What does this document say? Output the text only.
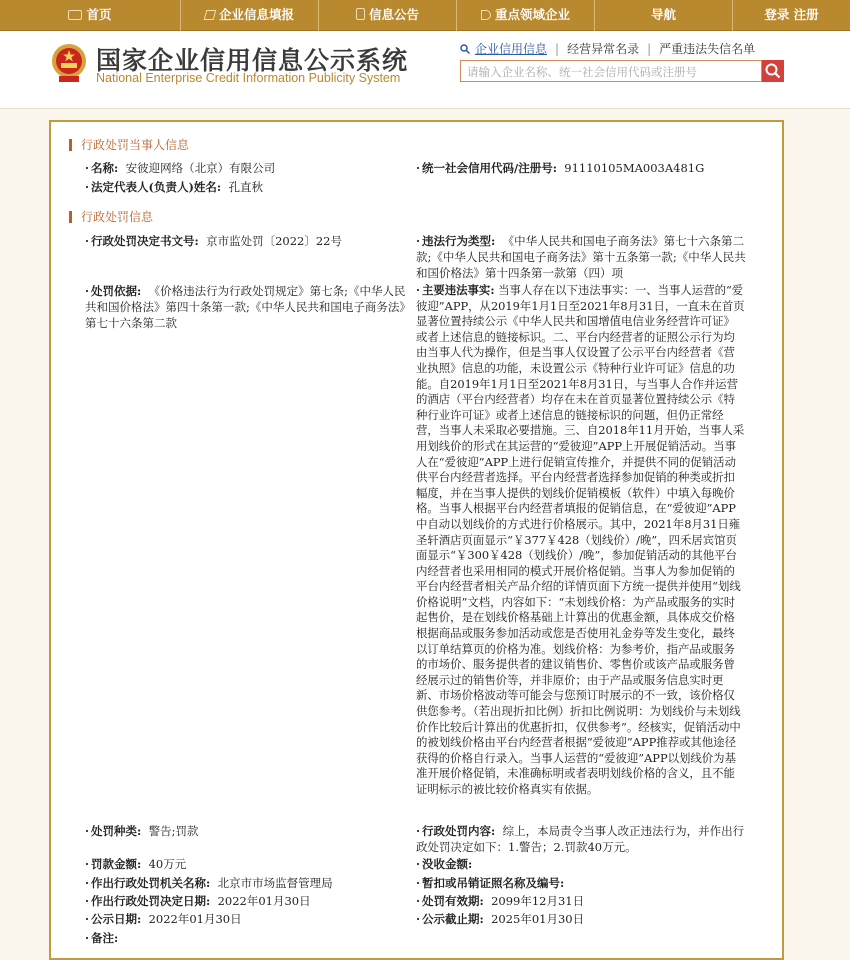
首页	企业信息填报	信息公告	重点领域企业	导航	登录 注册
国家企业信用信息公示系统
National Enterprise Credit Information Publicity System
企业信用信息 | 经营异常名录 | 严重违法失信名单
请输入企业名称、统一社会信用代码或注册号
行政处罚当事人信息
· 名称: 安彼迎网络（北京）有限公司	· 统一社会信用代码/注册号: 91110105MA003A481G
· 法定代表人(负责人)姓名: 孔直秋
行政处罚信息
· 行政处罚决定书文号: 京市监处罚〔2022〕22号	· 违法行为类型: 《中华人民共和国电子商务法》第七十六条第二款;《中华人民共和国电子商务法》第十五条第一款;《中华人民共和国价格法》第十四条第一款第（四）项
· 处罚依据: 《价格违法行为行政处罚规定》第七条;《中华人民共和国价格法》第四十条第一款;《中华人民共和国电子商务法》第七十六条第二款
· 主要违法事实: 当事人存在以下违法事实：一、当事人运营的“爱彼迎”APP，从2019年1月1日至2021年8月31日，一直未在首页显著位置持续公示《中华人民共和国增值电信业务经营许可证》或者上述信息的链接标识。二、平台内经营者的证照公示行为均由当事人代为操作，但是当事人仅设置了公示平台内经营者《营业执照》信息的功能，未设置公示《特种行业许可证》信息的功能。自2019年1月1日至2021年8月31日，与当事人合作并运营的酒店（平台内经营者）均存在未在首页显著位置持续公示《特种行业许可证》或者上述信息的链接标识的问题，但仍正常经营，当事人未采取必要措施。三、自2018年11月开始，当事人采用划线价的形式在其运营的“爱彼迎”APP上开展促销活动。当事人在“爱彼迎”APP上进行促销宣传推介，并提供不同的促销活动供平台内经营者选择。平台内经营者选择参加促销的种类或折扣幅度，并在当事人提供的划线价促销模板（软件）中填入每晚价格。当事人根据平台内经营者填报的促销信息，在“爱彼迎”APP中自动以划线价的方式进行价格展示。其中，2021年8月31日雍圣轩酒店页面显示“￥377￥428（划线价）/晚”，四禾居宾馆页面显示“￥300￥428（划线价）/晚”，参加促销活动的其他平台内经营者也采用相同的模式开展价格促销。当事人为参加促销的平台内经营者相关产品介绍的详情页面下方统一提供并使用“划线价格说明”文档，内容如下：“未划线价格：为产品或服务的实时起售价，是在划线价格基础上计算出的优惠金额，具体成交价格根据商品或服务参加活动或您是否使用礼金券等发生变化，最终以订单结算页的价格为准。划线价格：为参考价，指产品或服务的市场价、服务提供者的建议销售价、零售价或该产品或服务曾经展示过的销售价等，并非原价；由于产品或服务信息实时更新、市场价格波动等可能会与您预订时展示的不一致，该价格仅供您参考。（若出现折扣比例）折扣比例说明：为划线价与未划线价作比较后计算出的优惠折扣，仅供参考”。经核实，促销活动中的被划线价格由平台内经营者根据“爱彼迎”APP推荐或其他途径获得的价格自行录入。当事人运营的“爱彼迎”APP以划线价为基准开展价格促销，未准确标明或者表明划线价格的含义，且不能证明标示的被比较价格真实有依据。
· 处罚种类: 警告;罚款	· 行政处罚内容: 综上，本局责令当事人改正违法行为，并作出行政处罚决定如下：1.警告；2.罚款40万元。
· 罚款金额: 40万元	· 没收金额:
· 作出行政处罚机关名称: 北京市市场监督管理局	· 暂扣或吊销证照名称及编号:
· 作出行政处罚决定日期: 2022年01月30日	· 处罚有效期: 2099年12月31日
· 公示日期: 2022年01月30日	· 公示截止期: 2025年01月30日
· 备注:
